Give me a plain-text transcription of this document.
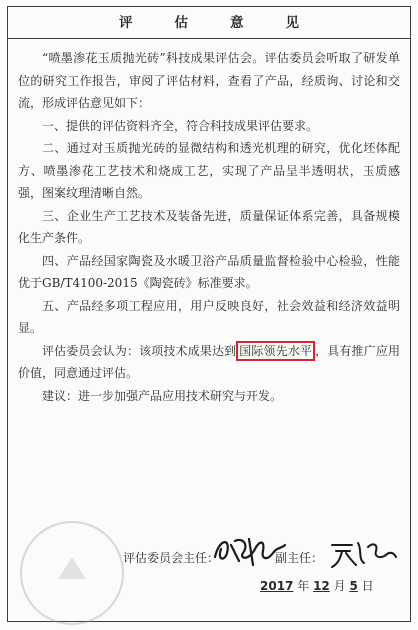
评估意见

“喷墨渗花玉质抛光砖”科技成果评估会。评估委员会听取了研发单位的研究工作报告，审阅了评估材料，查看了产品，经质询、讨论和交流，形成评估意见如下：

一、提供的评估资料齐全，符合科技成果评估要求。

二、通过对玉质抛光砖的显微结构和透光机理的研究，优化坯体配方、喷墨渗花工艺技术和烧成工艺，实现了产品呈半透明状，玉质感强，图案纹理清晰自然。

三、企业生产工艺技术及装备先进，质量保证体系完善，具备规模化生产条件。

四、产品经国家陶瓷及水暖卫浴产品质量监督检验中心检验，性能优于GB/T4100-2015《陶瓷砖》标准要求。

五、产品经多项工程应用，用户反映良好，社会效益和经济效益明显。

评估委员会认为：该项技术成果达到 国际领先水平 ，具有推广应用价值，同意通过评估。

建议：进一步加强产品应用技术研究与开发。

评估委员会主任：	副主任：
2017 年 12 月 5 日
